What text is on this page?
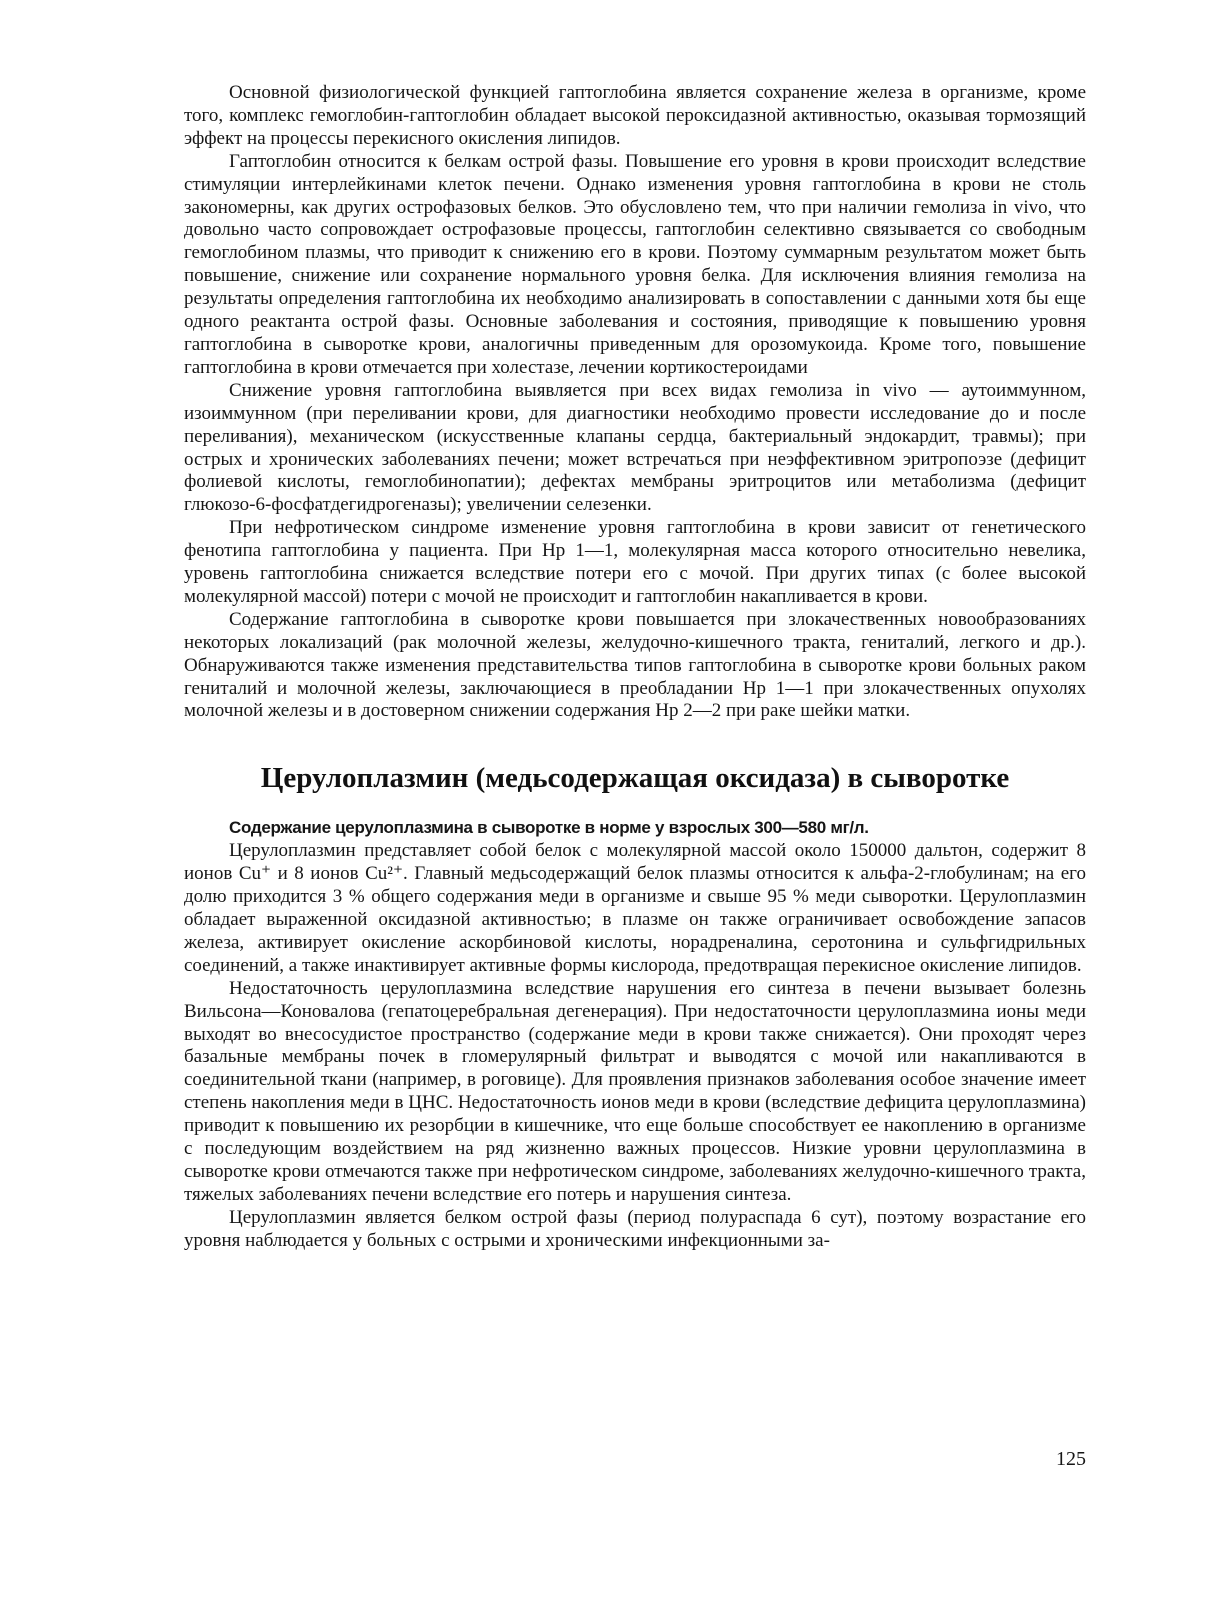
Основной физиологической функцией гаптоглобина является сохранение железа в организме, кроме того, комплекс гемоглобин-гаптоглобин обладает высокой пероксидазной активностью, оказывая тормозящий эффект на процессы перекисного окисления липидов.

Гаптоглобин относится к белкам острой фазы. Повышение его уровня в крови происходит вследствие стимуляции интерлейкинами клеток печени. Однако изменения уровня гаптоглобина в крови не столь закономерны, как других острофазовых белков. Это обусловлено тем, что при наличии гемолиза in vivo, что довольно часто сопровождает острофазовые процессы, гаптоглобин селективно связывается со свободным гемоглобином плазмы, что приводит к снижению его в крови. Поэтому суммарным результатом может быть повышение, снижение или сохранение нормального уровня белка. Для исключения влияния гемолиза на результаты определения гаптоглобина их необходимо анализировать в сопоставлении с данными хотя бы еще одного реактанта острой фазы. Основные заболевания и состояния, приводящие к повышению уровня гаптоглобина в сыворотке крови, аналогичны приведенным для орозомукоида. Кроме того, повышение гаптоглобина в крови отмечается при холестазе, лечении кортикостероидами

Снижение уровня гаптоглобина выявляется при всех видах гемолиза in vivo — аутоиммунном, изоиммунном (при переливании крови, для диагностики необходимо провести исследование до и после переливания), механическом (искусственные клапаны сердца, бактериальный эндокардит, травмы); при острых и хронических заболеваниях печени; может встречаться при неэффективном эритропоэзе (дефицит фолиевой кислоты, гемоглобинопатии); дефектах мембраны эритроцитов или метаболизма (дефицит глюкозо-6-фосфатдегидрогеназы); увеличении селезенки.

При нефротическом синдроме изменение уровня гаптоглобина в крови зависит от генетического фенотипа гаптоглобина у пациента. При Hp 1—1, молекулярная масса которого относительно невелика, уровень гаптоглобина снижается вследствие потери его с мочой. При других типах (с более высокой молекулярной массой) потери с мочой не происходит и гаптоглобин накапливается в крови.

Содержание гаптоглобина в сыворотке крови повышается при злокачественных новообразованиях некоторых локализаций (рак молочной железы, желудочно-кишечного тракта, гениталий, легкого и др.). Обнаруживаются также изменения представительства типов гаптоглобина в сыворотке крови больных раком гениталий и молочной железы, заключающиеся в преобладании Hp 1—1 при злокачественных опухолях молочной железы и в достоверном снижении содержания Hp 2—2 при раке шейки матки.

Церулоплазмин (медьсодержащая оксидаза) в сыворотке

Содержание церулоплазмина в сыворотке в норме у взрослых 300—580 мг/л.

Церулоплазмин представляет собой белок с молекулярной массой около 150000 дальтон, содержит 8 ионов Cu⁺ и 8 ионов Cu²⁺. Главный медьсодержащий белок плазмы относится к альфа-2-глобулинам; на его долю приходится 3 % общего содержания меди в организме и свыше 95 % меди сыворотки. Церулоплазмин обладает выраженной оксидазной активностью; в плазме он также ограничивает освобождение запасов железа, активирует окисление аскорбиновой кислоты, норадреналина, серотонина и сульфгидрильных соединений, а также инактивирует активные формы кислорода, предотвращая перекисное окисление липидов.

Недостаточность церулоплазмина вследствие нарушения его синтеза в печени вызывает болезнь Вильсона—Коновалова (гепатоцеребральная дегенерация). При недостаточности церулоплазмина ионы меди выходят во внесосудистое пространство (содержание меди в крови также снижается). Они проходят через базальные мембраны почек в гломерулярный фильтрат и выводятся с мочой или накапливаются в соединительной ткани (например, в роговице). Для проявления признаков заболевания особое значение имеет степень накопления меди в ЦНС. Недостаточность ионов меди в крови (вследствие дефицита церулоплазмина) приводит к повышению их резорбции в кишечнике, что еще больше способствует ее накоплению в организме с последующим воздействием на ряд жизненно важных процессов. Низкие уровни церулоплазмина в сыворотке крови отмечаются также при нефротическом синдроме, заболеваниях желудочно-кишечного тракта, тяжелых заболеваниях печени вследствие его потерь и нарушения синтеза.

Церулоплазмин является белком острой фазы (период полураспада 6 сут), поэтому возрастание его уровня наблюдается у больных с острыми и хроническими инфекционными за-

125
